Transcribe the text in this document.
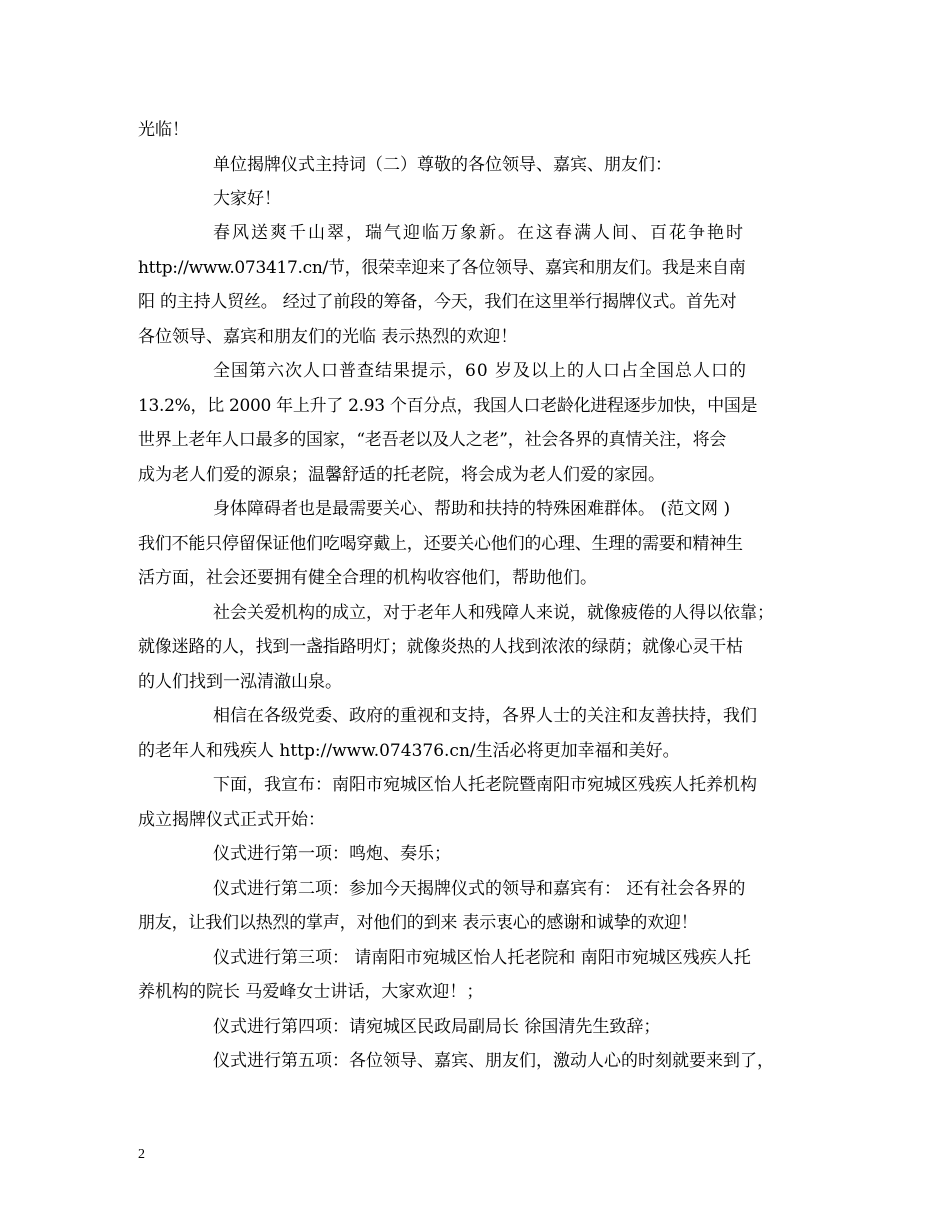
光临！
单位揭牌仪式主持词（二）尊敬的各位领导、嘉宾、朋友们：
大家好！
春风送爽千山翠，瑞气迎临万象新。在这春满人间、百花争艳时
http://www.073417.cn/节，很荣幸迎来了各位领导、嘉宾和朋友们。我是来自南
阳 的主持人贸丝。 经过了前段的筹备，今天，我们在这里举行揭牌仪式。首先对
各位领导、嘉宾和朋友们的光临 表示热烈的欢迎！
全国第六次人口普查结果提示，60 岁及以上的人口占全国总人口的
13.2%，比 2000 年上升了 2.93 个百分点，我国人口老龄化进程逐步加快，中国是
世界上老年人口最多的国家，“老吾老以及人之老”，社会各界的真情关注，将会
成为老人们爱的源泉；温馨舒适的托老院，将会成为老人们爱的家园。
身体障碍者也是最需要关心、帮助和扶持的特殊困难群体。 (范文网 )
我们不能只停留保证他们吃喝穿戴上，还要关心他们的心理、生理的需要和精神生
活方面，社会还要拥有健全合理的机构收容他们，帮助他们。
社会关爱机构的成立，对于老年人和残障人来说，就像疲倦的人得以依靠；
就像迷路的人，找到一盏指路明灯；就像炎热的人找到浓浓的绿荫；就像心灵干枯
的人们找到一泓清澈山泉。
相信在各级党委、政府的重视和支持，各界人士的关注和友善扶持，我们
的老年人和残疾人 http://www.074376.cn/生活必将更加幸福和美好。
下面，我宣布：南阳市宛城区怡人托老院暨南阳市宛城区残疾人托养机构
成立揭牌仪式正式开始：
仪式进行第一项：鸣炮、奏乐；
仪式进行第二项：参加今天揭牌仪式的领导和嘉宾有： 还有社会各界的
朋友，让我们以热烈的掌声，对他们的到来 表示衷心的感谢和诚挚的欢迎！
仪式进行第三项： 请南阳市宛城区怡人托老院和 南阳市宛城区残疾人托
养机构的院长 马爱峰女士讲话，大家欢迎！；
仪式进行第四项：请宛城区民政局副局长 徐国清先生致辞；
仪式进行第五项：各位领导、嘉宾、朋友们，激动人心的时刻就要来到了，
2
